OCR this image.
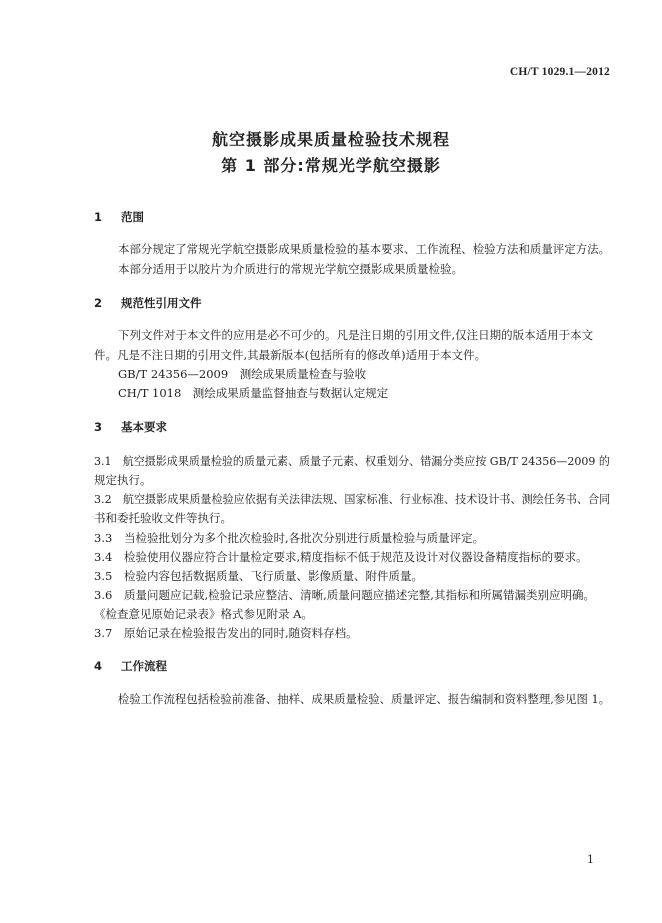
CH/T 1029.1—2012
航空摄影成果质量检验技术规程
第 1 部分:常规光学航空摄影
1 范围
本部分规定了常规光学航空摄影成果质量检验的基本要求、工作流程、检验方法和质量评定方法。
本部分适用于以胶片为介质进行的常规光学航空摄影成果质量检验。
2 规范性引用文件
下列文件对于本文件的应用是必不可少的。凡是注日期的引用文件,仅注日期的版本适用于本文
件。凡是不注日期的引用文件,其最新版本(包括所有的修改单)适用于本文件。
GB/T 24356—2009　测绘成果质量检查与验收
CH/T 1018　测绘成果质量监督抽查与数据认定规定
3 基本要求
3.1 航空摄影成果质量检验的质量元素、质量子元素、权重划分、错漏分类应按 GB/T 24356—2009 的
规定执行。
3.2 航空摄影成果质量检验应依据有关法律法规、国家标准、行业标准、技术设计书、测绘任务书、合同
书和委托验收文件等执行。
3.3 当检验批划分为多个批次检验时,各批次分别进行质量检验与质量评定。
3.4 检验使用仪器应符合计量检定要求,精度指标不低于规范及设计对仪器设备精度指标的要求。
3.5 检验内容包括数据质量、飞行质量、影像质量、附件质量。
3.6 质量问题应记载,检验记录应整洁、清晰,质量问题应描述完整,其指标和所属错漏类别应明确。
《检查意见原始记录表》格式参见附录 A。
3.7 原始记录在检验报告发出的同时,随资料存档。
4 工作流程
检验工作流程包括检验前准备、抽样、成果质量检验、质量评定、报告编制和资料整理,参见图 1。
1
